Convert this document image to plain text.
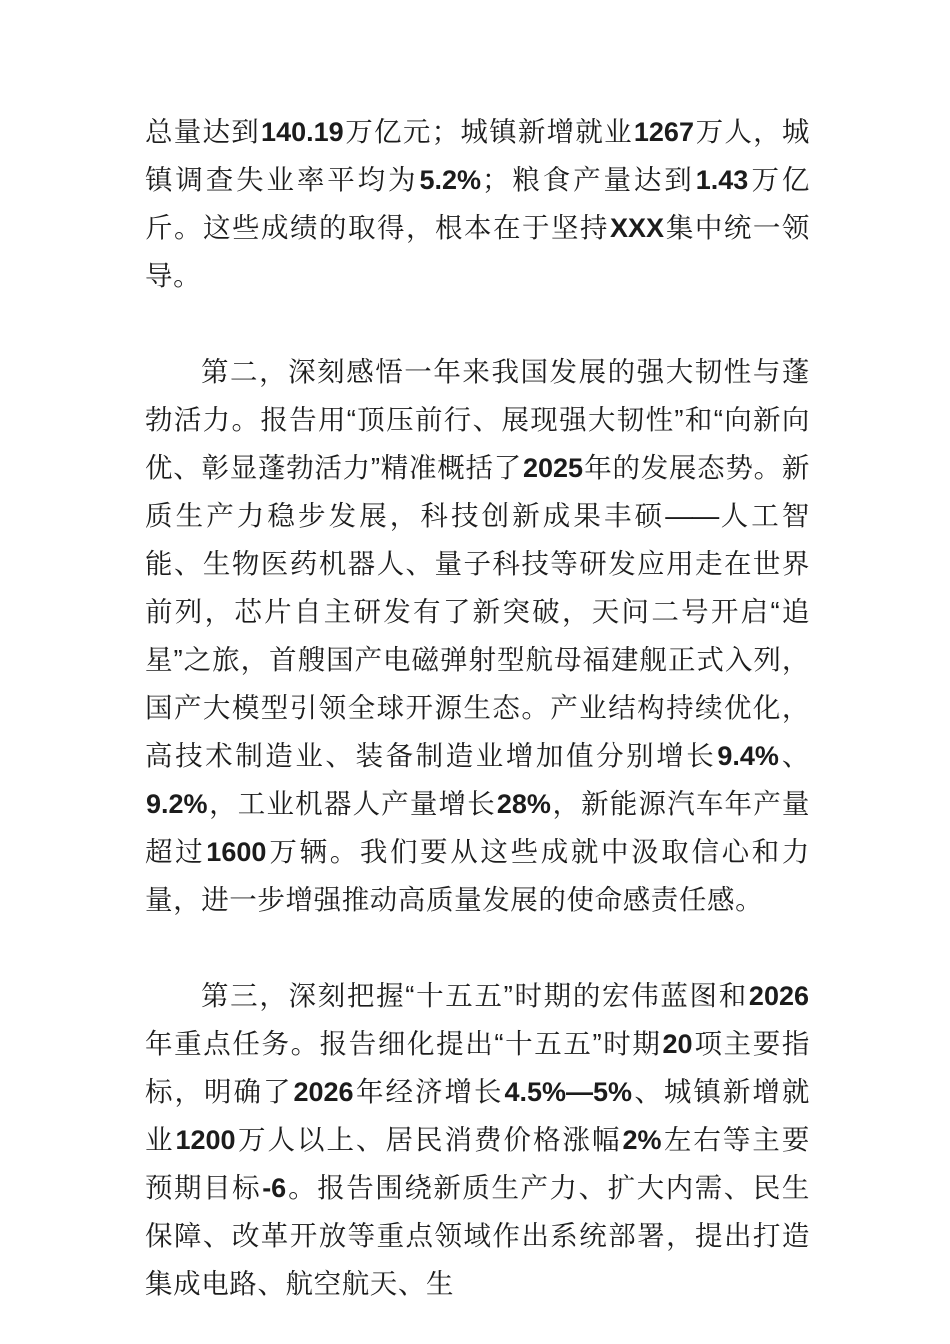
总量达到140.19万亿元；城镇新增就业1267万人，城镇调查失业率平均为5.2%；粮食产量达到1.43万亿斤。这些成绩的取得，根本在于坚持XXX集中统一领导。

第二，深刻感悟一年来我国发展的强大韧性与蓬勃活力。报告用“顶压前行、展现强大韧性”和“向新向优、彰显蓬勃活力”精准概括了2025年的发展态势。新质生产力稳步发展，科技创新成果丰硕——人工智能、生物医药机器人、量子科技等研发应用走在世界前列，芯片自主研发有了新突破，天问二号开启“追星”之旅，首艘国产电磁弹射型航母福建舰正式入列，国产大模型引领全球开源生态。产业结构持续优化，高技术制造业、装备制造业增加值分别增长9.4%、9.2%，工业机器人产量增长28%，新能源汽车年产量超过1600万辆。我们要从这些成就中汲取信心和力量，进一步增强推动高质量发展的使命感责任感。

第三，深刻把握“十五五”时期的宏伟蓝图和2026年重点任务。报告细化提出“十五五”时期20项主要指标，明确了2026年经济增长4.5%—5%、城镇新增就业1200万人以上、居民消费价格涨幅2%左右等主要预期目标-6。报告围绕新质生产力、扩大内需、民生保障、改革开放等重点领域作出系统部署，提出打造集成电路、航空航天、生
